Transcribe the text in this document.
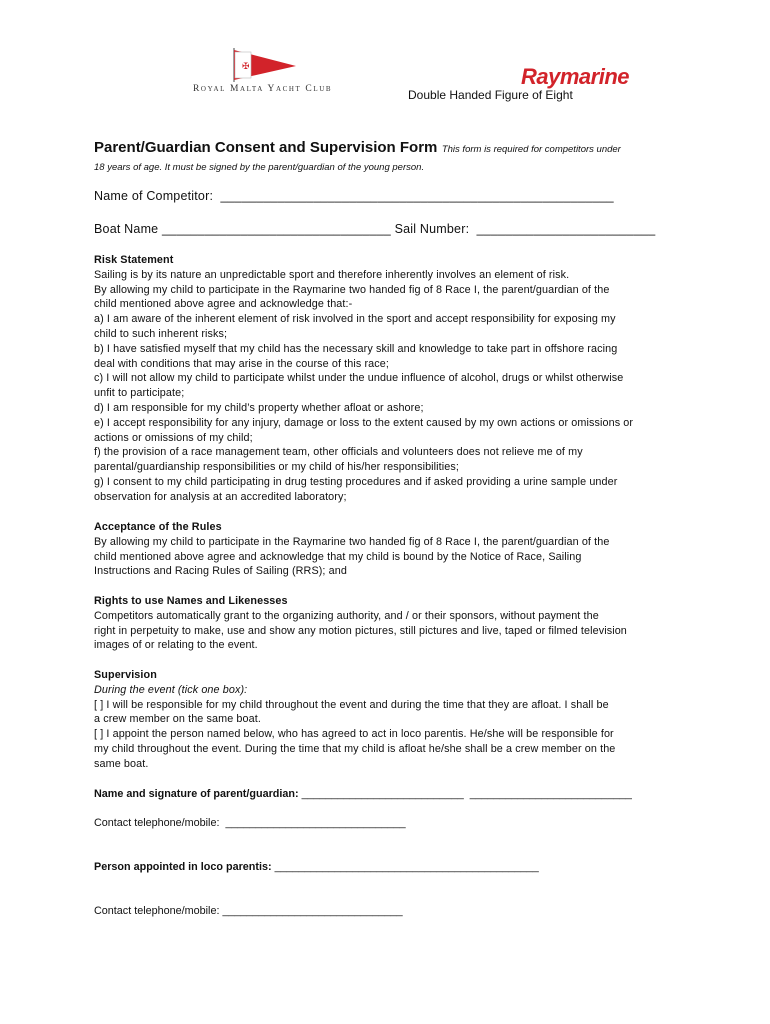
✠
Royal Malta Yacht Club	Raymarine
Double Handed Figure of Eight
Parent/Guardian Consent and Supervision Form This form is required for competitors under
18 years of age. It must be signed by the parent/guardian of the young person.
Name of Competitor: _______________________________________________________
Boat Name ________________________________ Sail Number: _________________________

Risk Statement

Sailing is by its nature an unpredictable sport and therefore inherently involves an element of risk.

By allowing my child to participate in the Raymarine two handed fig of 8 Race I, the parent/guardian of the

child mentioned above agree and acknowledge that:-

a) I am aware of the inherent element of risk involved in the sport and accept responsibility for exposing my

child to such inherent risks;

b) I have satisfied myself that my child has the necessary skill and knowledge to take part in offshore racing

deal with conditions that may arise in the course of this race;

c) I will not allow my child to participate whilst under the undue influence of alcohol, drugs or whilst otherwise

unfit to participate;

d) I am responsible for my child’s property whether afloat or ashore;

e) I accept responsibility for any injury, damage or loss to the extent caused by my own actions or omissions or

actions or omissions of my child;

f) the provision of a race management team, other officials and volunteers does not relieve me of my

parental/guardianship responsibilities or my child of his/her responsibilities;

g) I consent to my child participating in drug testing procedures and if asked providing a urine sample under

observation for analysis at an accredited laboratory;

Acceptance of the Rules

By allowing my child to participate in the Raymarine two handed fig of 8 Race I, the parent/guardian of the

child mentioned above agree and acknowledge that my child is bound by the Notice of Race, Sailing

Instructions and Racing Rules of Sailing (RRS); and

Rights to use Names and Likenesses

Competitors automatically grant to the organizing authority, and / or their sponsors, without payment the

right in perpetuity to make, use and show any motion pictures, still pictures and live, taped or filmed television

images of or relating to the event.

Supervision

During the event (tick one box):

[ ] I will be responsible for my child throughout the event and during the time that they are afloat. I shall be

a crew member on the same boat.

[ ] I appoint the person named below, who has agreed to act in loco parentis. He/she will be responsible for

my child throughout the event. During the time that my child is afloat he/she shall be a crew member on the

same boat.

Name and signature of parent/guardian: ___________________________  ___________________________
Contact telephone/mobile: ______________________________
Person appointed in loco parentis: ____________________________________________
Contact telephone/mobile: ______________________________
